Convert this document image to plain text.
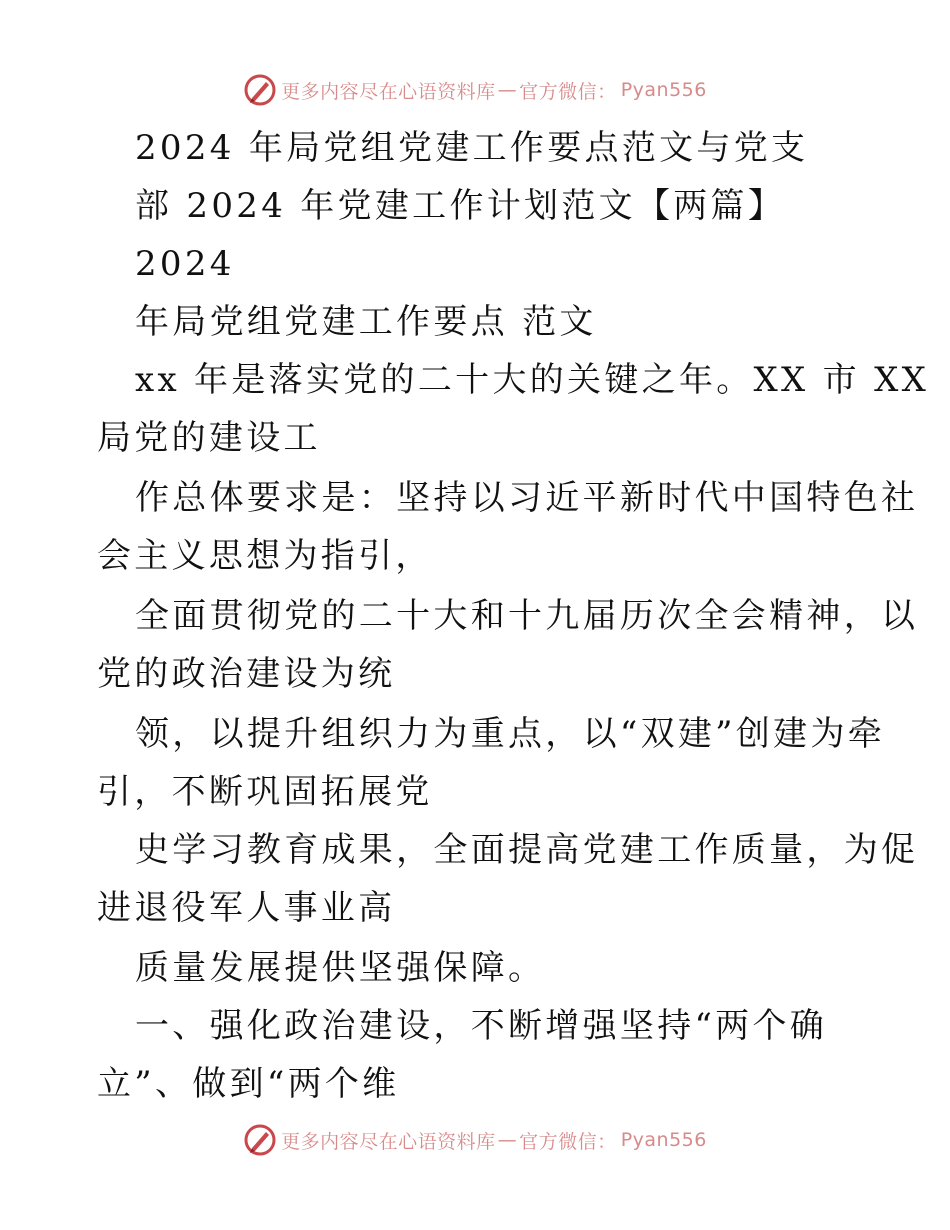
更多内容尽在心语资料库 — 官方微信： Pyan556
2024 年局党组党建工作要点范文与党支
部 2024 年党建工作计划范文【两篇】
2024
年局党组党建工作要点 范文
xx 年是落实党的二十大的关键之年。XX 市 XX
局党的建设工
作总体要求是：坚持以习近平新时代中国特色社
会主义思想为指引，
全面贯彻党的二十大和十九届历次全会精神，以
党的政治建设为统
领，以提升组织力为重点，以“双建”创建为牵
引，不断巩固拓展党
史学习教育成果，全面提高党建工作质量，为促
进退役军人事业高
质量发展提供坚强保障。
一、强化政治建设，不断增强坚持“两个确
立”、做到“两个维
更多内容尽在心语资料库 — 官方微信： Pyan556
